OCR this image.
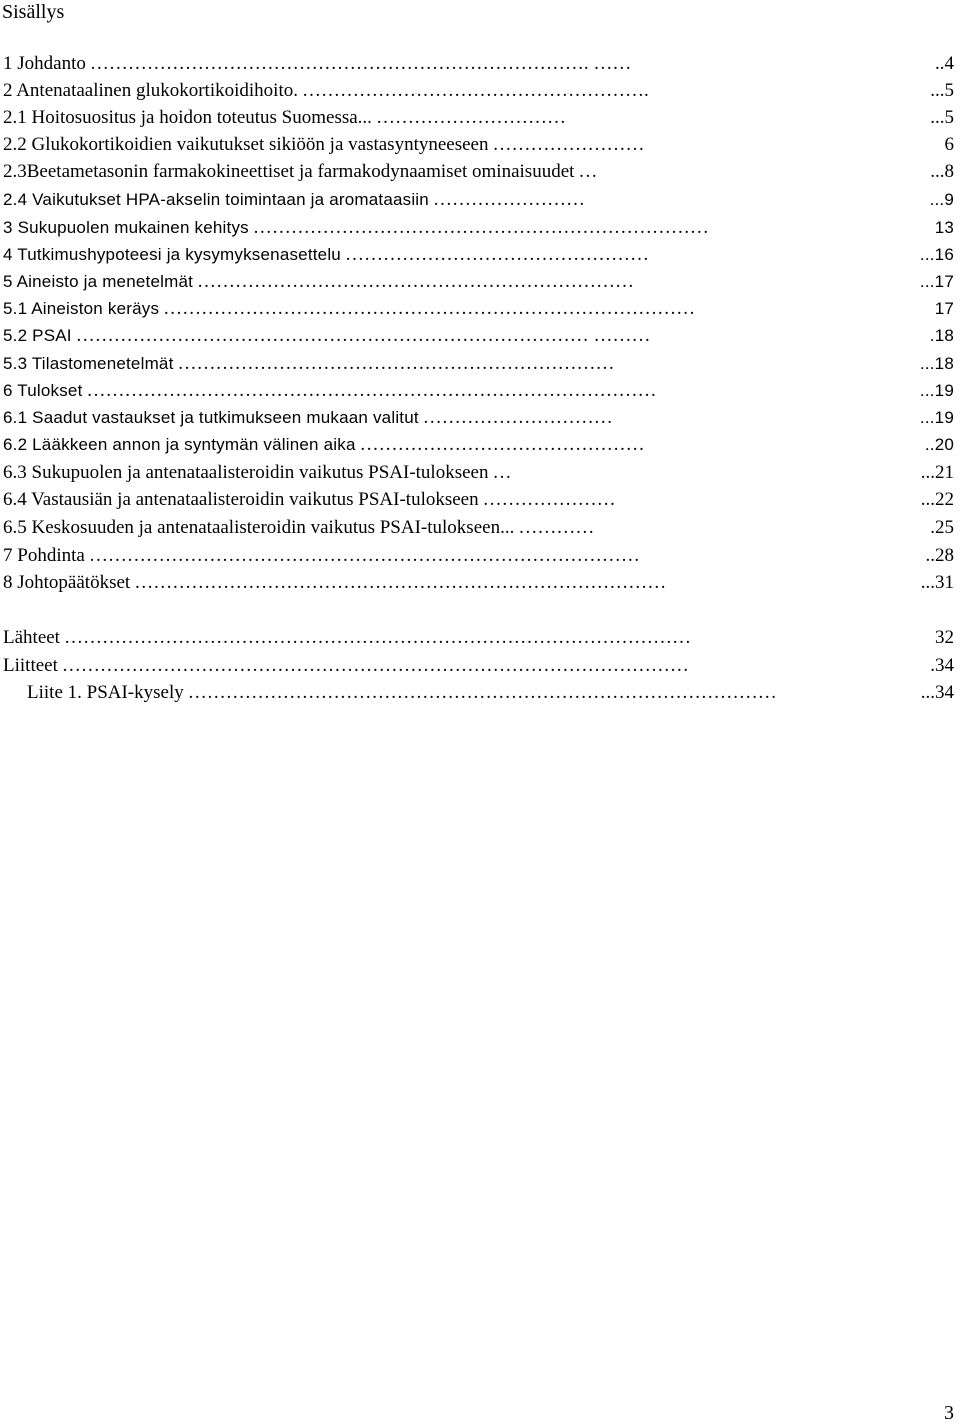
Sisällys
1 Johdanto	..4
……………………………………………………………………. ……
2 Antenataalinen glukokortikoidihoito.	...5
……………………………………………….
2.1 Hoitosuositus ja hoidon toteutus Suomessa...	...5
…………………………
2.2 Glukokortikoidien vaikutukset sikiöön ja vastasyntyneeseen	6
……………………
2.3Beetametasonin farmakokineettiset ja farmakodynaamiset ominaisuudet	...8
…
2.4 Vaikutukset HPA-akselin toimintaan ja aromataasiin	...9
……………………
3 Sukupuolen mukainen kehitys	13
………………………………………………………………
4 Tutkimushypoteesi ja kysymyksenasettelu	...16
…………………………………………
5 Aineisto ja menetelmät	...17
……………………………………………………………
5.1 Aineiston keräys	17
…………………………………………………………………………
5.2 PSAI	.18
……………………………………………………………………… ………
5.3 Tilastomenetelmät	...18
……………………………………………………………
6 Tulokset	...19
………………………………………………………………………………
6.1 Saadut vastaukset ja tutkimukseen mukaan valitut	...19
…………………………
6.2 Lääkkeen annon ja syntymän välinen aika	..20
………………………………………
6.3 Sukupuolen ja antenataalisteroidin vaikutus PSAI-tulokseen	...21
…
6.4 Vastausiän ja antenataalisteroidin vaikutus PSAI-tulokseen	...22
…………………
6.5 Keskosuuden ja antenataalisteroidin vaikutus PSAI-tulokseen...	.25
…………
7 Pohdinta	..28
……………………………………………………………………………
8 Johtopäätökset	...31
…………………………………………………………………………
Lähteet	32
………………………………………………………………………………………
Liitteet	.34
………………………………………………………………………………………
Liite 1. PSAI-kysely	...34
…………………………………………………………………………………
3
